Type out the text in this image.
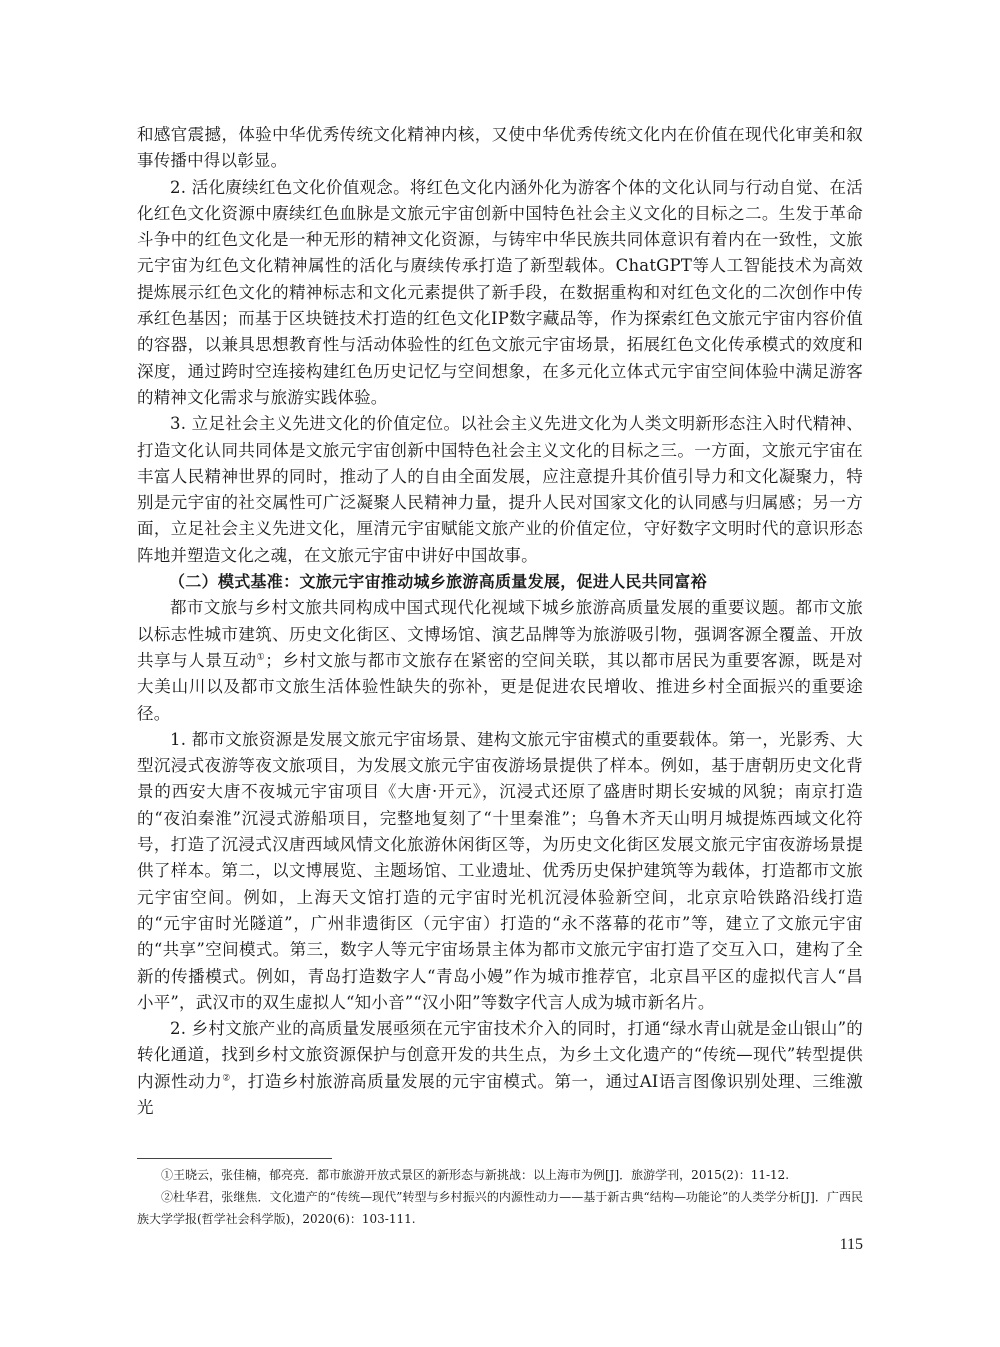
和感官震撼，体验中华优秀传统文化精神内核，又使中华优秀传统文化内在价值在现代化审美和叙事传播中得以彰显。

2. 活化赓续红色文化价值观念。将红色文化内涵外化为游客个体的文化认同与行动自觉、在活化红色文化资源中赓续红色血脉是文旅元宇宙创新中国特色社会主义文化的目标之二。生发于革命斗争中的红色文化是一种无形的精神文化资源，与铸牢中华民族共同体意识有着内在一致性，文旅元宇宙为红色文化精神属性的活化与赓续传承打造了新型载体。ChatGPT等人工智能技术为高效提炼展示红色文化的精神标志和文化元素提供了新手段，在数据重构和对红色文化的二次创作中传承红色基因；而基于区块链技术打造的红色文化IP数字藏品等，作为探索红色文旅元宇宙内容价值的容器，以兼具思想教育性与活动体验性的红色文旅元宇宙场景，拓展红色文化传承模式的效度和深度，通过跨时空连接构建红色历史记忆与空间想象，在多元化立体式元宇宙空间体验中满足游客的精神文化需求与旅游实践体验。

3. 立足社会主义先进文化的价值定位。以社会主义先进文化为人类文明新形态注入时代精神、打造文化认同共同体是文旅元宇宙创新中国特色社会主义文化的目标之三。一方面，文旅元宇宙在丰富人民精神世界的同时，推动了人的自由全面发展，应注意提升其价值引导力和文化凝聚力，特别是元宇宙的社交属性可广泛凝聚人民精神力量，提升人民对国家文化的认同感与归属感；另一方面，立足社会主义先进文化，厘清元宇宙赋能文旅产业的价值定位，守好数字文明时代的意识形态阵地并塑造文化之魂，在文旅元宇宙中讲好中国故事。

（二）模式基准：文旅元宇宙推动城乡旅游高质量发展，促进人民共同富裕

都市文旅与乡村文旅共同构成中国式现代化视域下城乡旅游高质量发展的重要议题。都市文旅以标志性城市建筑、历史文化街区、文博场馆、演艺品牌等为旅游吸引物，强调客源全覆盖、开放共享与人景互动①；乡村文旅与都市文旅存在紧密的空间关联，其以都市居民为重要客源，既是对大美山川以及都市文旅生活体验性缺失的弥补，更是促进农民增收、推进乡村全面振兴的重要途径。

1. 都市文旅资源是发展文旅元宇宙场景、建构文旅元宇宙模式的重要载体。第一，光影秀、大型沉浸式夜游等夜文旅项目，为发展文旅元宇宙夜游场景提供了样本。例如，基于唐朝历史文化背景的西安大唐不夜城元宇宙项目《大唐·开元》，沉浸式还原了盛唐时期长安城的风貌；南京打造的“夜泊秦淮”沉浸式游船项目，完整地复刻了“十里秦淮”；乌鲁木齐天山明月城提炼西域文化符号，打造了沉浸式汉唐西域风情文化旅游休闲街区等，为历史文化街区发展文旅元宇宙夜游场景提供了样本。第二，以文博展览、主题场馆、工业遗址、优秀历史保护建筑等为载体，打造都市文旅元宇宙空间。例如，上海天文馆打造的元宇宙时光机沉浸体验新空间，北京京哈铁路沿线打造的“元宇宙时光隧道”，广州非遗街区（元宇宙）打造的“永不落幕的花市”等，建立了文旅元宇宙的“共享”空间模式。第三，数字人等元宇宙场景主体为都市文旅元宇宙打造了交互入口，建构了全新的传播模式。例如，青岛打造数字人“青岛小嫚”作为城市推荐官，北京昌平区的虚拟代言人“昌小平”，武汉市的双生虚拟人“知小音”“汉小阳”等数字代言人成为城市新名片。

2. 乡村文旅产业的高质量发展亟须在元宇宙技术介入的同时，打通“绿水青山就是金山银山”的转化通道，找到乡村文旅资源保护与创意开发的共生点，为乡土文化遗产的“传统—现代”转型提供内源性动力②，打造乡村旅游高质量发展的元宇宙模式。第一，通过AI语言图像识别处理、三维激光

①王晓云，张佳楠，郁亮亮．都市旅游开放式景区的新形态与新挑战：以上海市为例[J]．旅游学刊，2015(2)：11-12.

②杜华君，张继焦．文化遗产的“传统—现代”转型与乡村振兴的内源性动力——基于新古典“结构—功能论”的人类学分析[J]．广西民族大学学报(哲学社会科学版)，2020(6)：103-111.

115
